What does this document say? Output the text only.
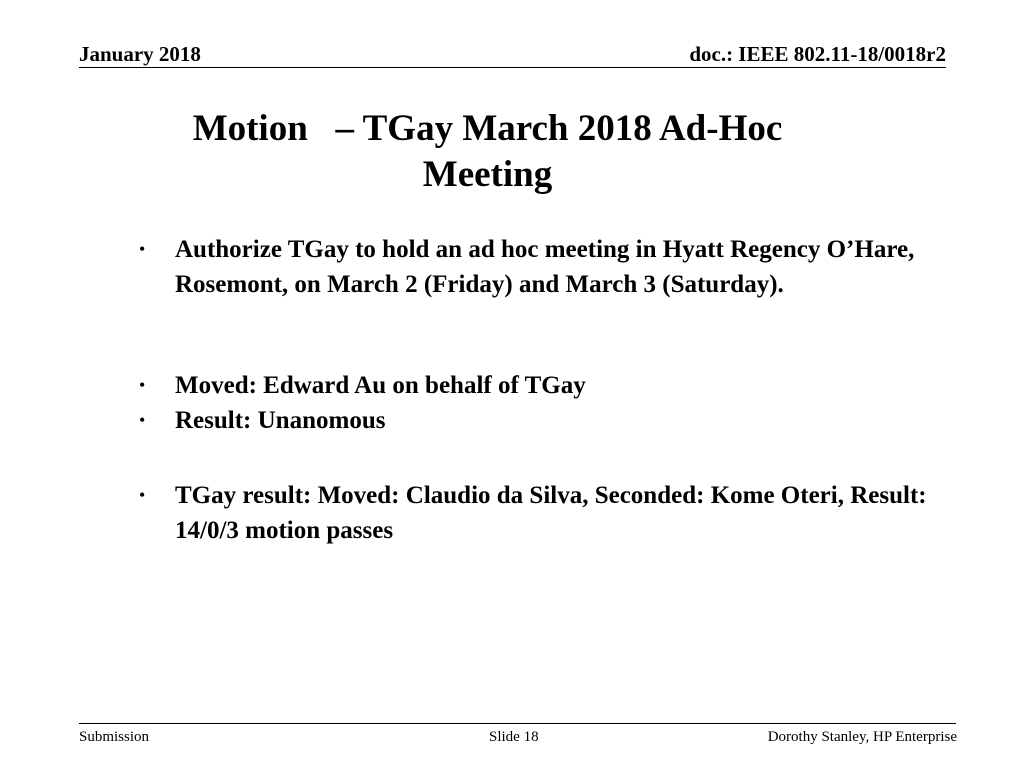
January 2018	doc.: IEEE 802.11-18/0018r2
Motion   – TGay March 2018 Ad-Hoc
Meeting
• Authorize TGay to hold an ad hoc meeting in Hyatt Regency O’Hare, Rosemont, on March 2 (Friday) and March 3 (Saturday).
• Moved: Edward Au on behalf of TGay
• Result: Unanomous
• TGay result: Moved: Claudio da Silva, Seconded: Kome Oteri, Result: 14/0/3 motion passes
Submission	Slide 18	Dorothy Stanley, HP Enterprise
